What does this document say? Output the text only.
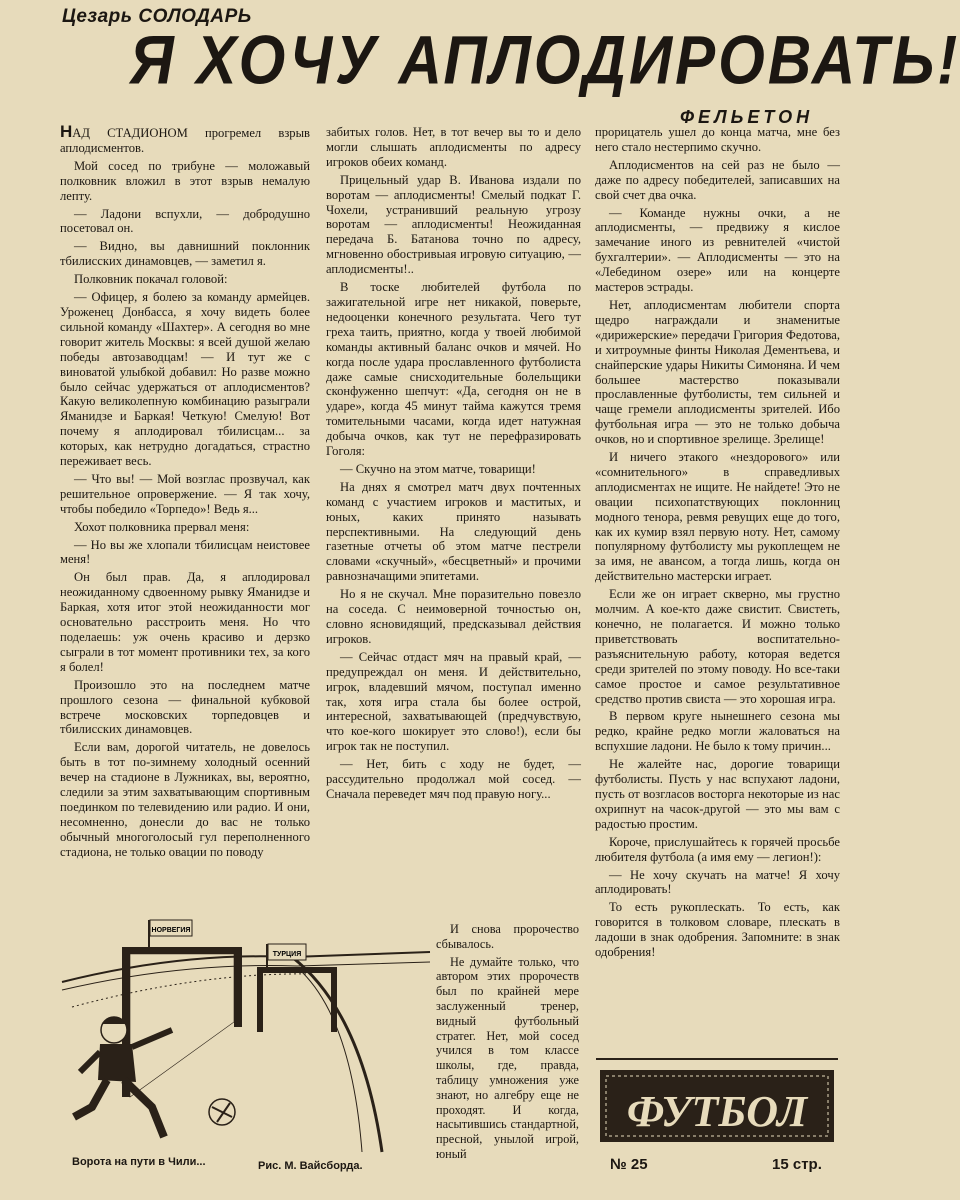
Цезарь СОЛОДАРЬ
Я ХОЧУ АПЛОДИРОВАТЬ!
ФЕЛЬЕТОН

НАД СТАДИОНОМ прогремел взрыв аплодисментов.

Мой сосед по трибуне — моложавый полковник вложил в этот взрыв немалую лепту.

— Ладони вспухли, — добродушно посетовал он.

— Видно, вы давнишний поклонник тбилисских динамовцев, — заметил я.

Полковник покачал головой:

— Офицер, я болею за команду армейцев. Уроженец Донбасса, я хочу видеть более сильной команду «Шахтер». А сегодня во мне говорит житель Москвы: я всей душой желаю победы автозаводцам! — И тут же с виноватой улыбкой добавил: Но разве можно было сейчас удержаться от аплодисментов? Какую великолепную комбинацию разыграли Яманидзе и Баркая! Четкую! Смелую! Вот почему я аплодировал тбилисцам... за которых, как нетрудно догадаться, страстно переживает весь.

— Что вы! — Мой возглас прозвучал, как решительное опровержение. — Я так хочу, чтобы победило «Торпедо»! Ведь я...

Хохот полковника прервал меня:

— Но вы же хлопали тбилисцам неистовее меня!

Он был прав. Да, я аплодировал неожиданному сдвоенному рывку Яманидзе и Баркая, хотя итог этой неожиданности мог основательно расстроить меня. Но что поделаешь: уж очень красиво и дерзко сыграли в тот момент противники тех, за кого я болел!

Произошло это на последнем матче прошлого сезона — финальной кубковой встрече московских торпедовцев и тбилисских динамовцев.

Если вам, дорогой читатель, не довелось быть в тот по-зимнему холодный осенний вечер на стадионе в Лужниках, вы, вероятно, следили за этим захватывающим спортивным поединком по телевидению или радио. И они, несомненно, донесли до вас не только обычный многоголосый гул переполненного стадиона, не только овации по поводу

забитых голов. Нет, в тот вечер вы то и дело могли слышать аплодисменты по адресу игроков обеих команд.

Прицельный удар В. Иванова издали по воротам — аплодисменты! Смелый подкат Г. Чохели, устранивший реальную угрозу воротам — аплодисменты! Неожиданная передача Б. Батанова точно по адресу, мгновенно обостривыая игровую ситуацию, — аплодисменты!..

В тоске любителей футбола по зажигательной игре нет никакой, поверьте, недооценки конечного результата. Чего тут греха таить, приятно, когда у твоей любимой команды активный баланс очков и мячей. Но когда после удара прославленного футболиста даже самые снисходительные болельщики сконфуженно шепчут: «Да, сегодня он не в ударе», когда 45 минут тайма кажутся тремя томительными часами, когда идет натужная добыча очков, как тут не перефразировать Гоголя:

— Скучно на этом матче, товарищи!

На днях я смотрел матч двух почтенных команд с участием игроков и маститых, и юных, каких принято называть перспективными. На следующий день газетные отчеты об этом матче пестрели словами «скучный», «бесцветный» и прочими равнозначащими эпитетами.

Но я не скучал. Мне поразительно повезло на соседа. С неимоверной точностью он, словно ясновидящий, предсказывал действия игроков.

— Сейчас отдаст мяч на правый край, — предупреждал он меня. И действительно, игрок, владевший мячом, поступал именно так, хотя игра стала бы более острой, интересной, захватывающей (предчувствую, что кое-кого шокирует это слово!), если бы игрок так не поступил.

— Нет, бить с ходу не будет, — рассудительно продолжал мой сосед. — Сначала переведет мяч под правую ногу...

И снова пророчество сбывалось.

Не думайте только, что автором этих пророчеств был по крайней мере заслуженный тренер, видный футбольный стратег. Нет, мой сосед учился в том классе школы, где, правда, таблицу умножения уже знают, но алгебру еще не проходят. И когда, насытившись стандартной, пресной, унылой игрой, юный

прорицатель ушел до конца матча, мне без него стало нестерпимо скучно.

Аплодисментов на сей раз не было — даже по адресу победителей, записавших на свой счет два очка.

— Команде нужны очки, а не аплодисменты, — предвижу я кислое замечание иного из ревнителей «чистой бухгалтерии». — Аплодисменты — это на «Лебедином озере» или на концерте мастеров эстрады.

Нет, аплодисментам любители спорта щедро награждали и знаменитые «дирижерские» передачи Григория Федотова, и хитроумные финты Николая Дементьева, и снайперские удары Никиты Симоняна. И чем большее мастерство показывали прославленные футболисты, тем сильней и чаще гремели аплодисменты зрителей. Ибо футбольная игра — это не только добыча очков, но и спортивное зрелище. Зрелище!

И ничего этакого «нездорового» или «сомнительного» в справедливых аплодисментах не ищите. Не найдете! Это не овации психопатствующих поклонниц модного тенора, ревмя ревущих еще до того, как их кумир взял первую ноту. Нет, самому популярному футболисту мы рукоплещем не за имя, не авансом, а тогда лишь, когда он действительно мастерски играет.

Если же он играет скверно, мы грустно молчим. А кое-кто даже свистит. Свистеть, конечно, не полагается. И можно только приветствовать воспитательно-разъяснительную работу, которая ведется среди зрителей по этому поводу. Но все-таки самое простое и самое результативное средство против свиста — это хорошая игра.

В первом круге нынешнего сезона мы редко, крайне редко могли жаловаться на вспухшие ладони. Не было к тому причин...

Не жалейте нас, дорогие товарищи футболисты. Пусть у нас вспухают ладони, пусть от возгласов восторга некоторые из нас охрипнут на часок-другой — это мы вам с радостью простим.

Короче, прислушайтесь к горячей просьбе любителя футбола (а имя ему — легион!):

— Не хочу скучать на матче! Я хочу аплодировать!

То есть рукоплескать. То есть, как говорится в толковом словаре, плескать в ладоши в знак одобрения. Запомните: в знак одобрения!

НОРВЕГИЯ
ТУРЦИЯ
Ворота на пути в Чили...	Рис. М. Вайсборда.
ФУТБОЛ
№ 25	15 стр.
